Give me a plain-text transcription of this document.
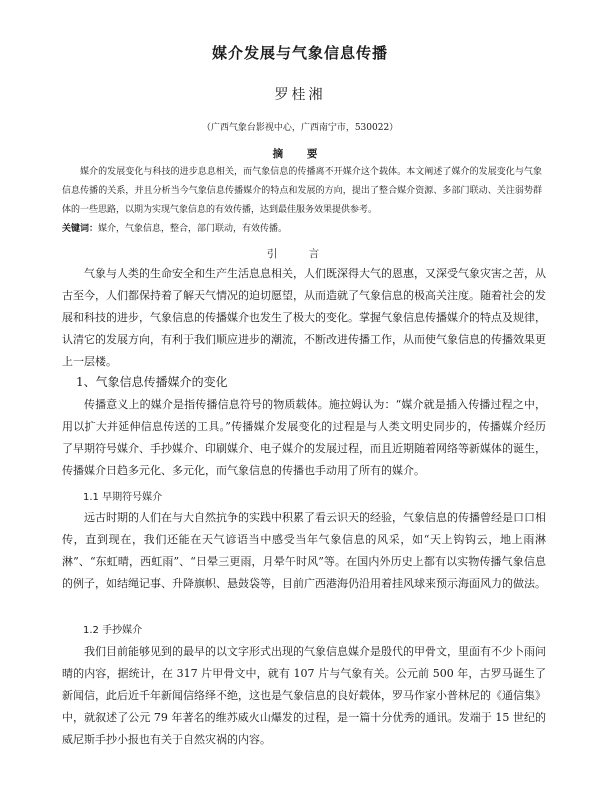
媒介发展与气象信息传播
罗桂湘
（广西气象台影视中心，广西南宁市，530022）
摘 要
媒介的发展变化与科技的进步息息相关，而气象信息的传播离不开媒介这个载体。本文阐述了媒介的发展变化与气象信息传播的关系，并且分析当今气象信息传播媒介的特点和发展的方向，提出了整合媒介资源、多部门联动、关注弱势群体的一些思路，以期为实现气象信息的有效传播，达到最佳服务效果提供参考。
关键词：媒介，气象信息，整合，部门联动，有效传播。
引 言
气象与人类的生命安全和生产生活息息相关，人们既深得大气的恩惠，又深受气象灾害之苦，从古至今，人们都保持着了解天气情况的迫切愿望，从而造就了气象信息的极高关注度。随着社会的发展和科技的进步，气象信息的传播媒介也发生了极大的变化。掌握气象信息传播媒介的特点及规律，认清它的发展方向，有利于我们顺应进步的潮流，不断改进传播工作，从而使气象信息的传播效果更上一层楼。
1、气象信息传播媒介的变化
传播意义上的媒介是指传播信息符号的物质载体。施拉姆认为：“媒介就是插入传播过程之中，用以扩大并延伸信息传送的工具。”传播媒介发展变化的过程是与人类文明史同步的，传播媒介经历了早期符号媒介、手抄媒介、印刷媒介、电子媒介的发展过程，而且近期随着网络等新媒体的诞生，传播媒介日趋多元化、多元化，而气象信息的传播也手动用了所有的媒介。
1.1 早期符号媒介
远古时期的人们在与大自然抗争的实践中积累了看云识天的经验，气象信息的传播曾经是口口相传，直到现在，我们还能在天气谚语当中感受当年气象信息的风采，如“天上钩钩云，地上雨淋淋”、“东虹晴，西虹雨”、“日晕三更雨，月晕午时风”等。在国内外历史上都有以实物传播气象信息的例子，如结绳记事、升降旗帜、悬鼓袋等，目前广西港海仍沿用着挂风球来预示海面风力的做法。
1.2 手抄媒介
我们目前能够见到的最早的以文字形式出现的气象信息媒介是殷代的甲骨文，里面有不少卜雨问晴的内容，据统计，在 317 片甲骨文中，就有 107 片与气象有关。公元前 500 年，古罗马诞生了新闻信，此后近千年新闻信络绎不绝，这也是气象信息的良好载体，罗马作家小普林尼的《通信集》中，就叙述了公元 79 年著名的维苏威火山爆发的过程，是一篇十分优秀的通讯。发端于 15 世纪的威尼斯手抄小报也有关于自然灾祸的内容。
